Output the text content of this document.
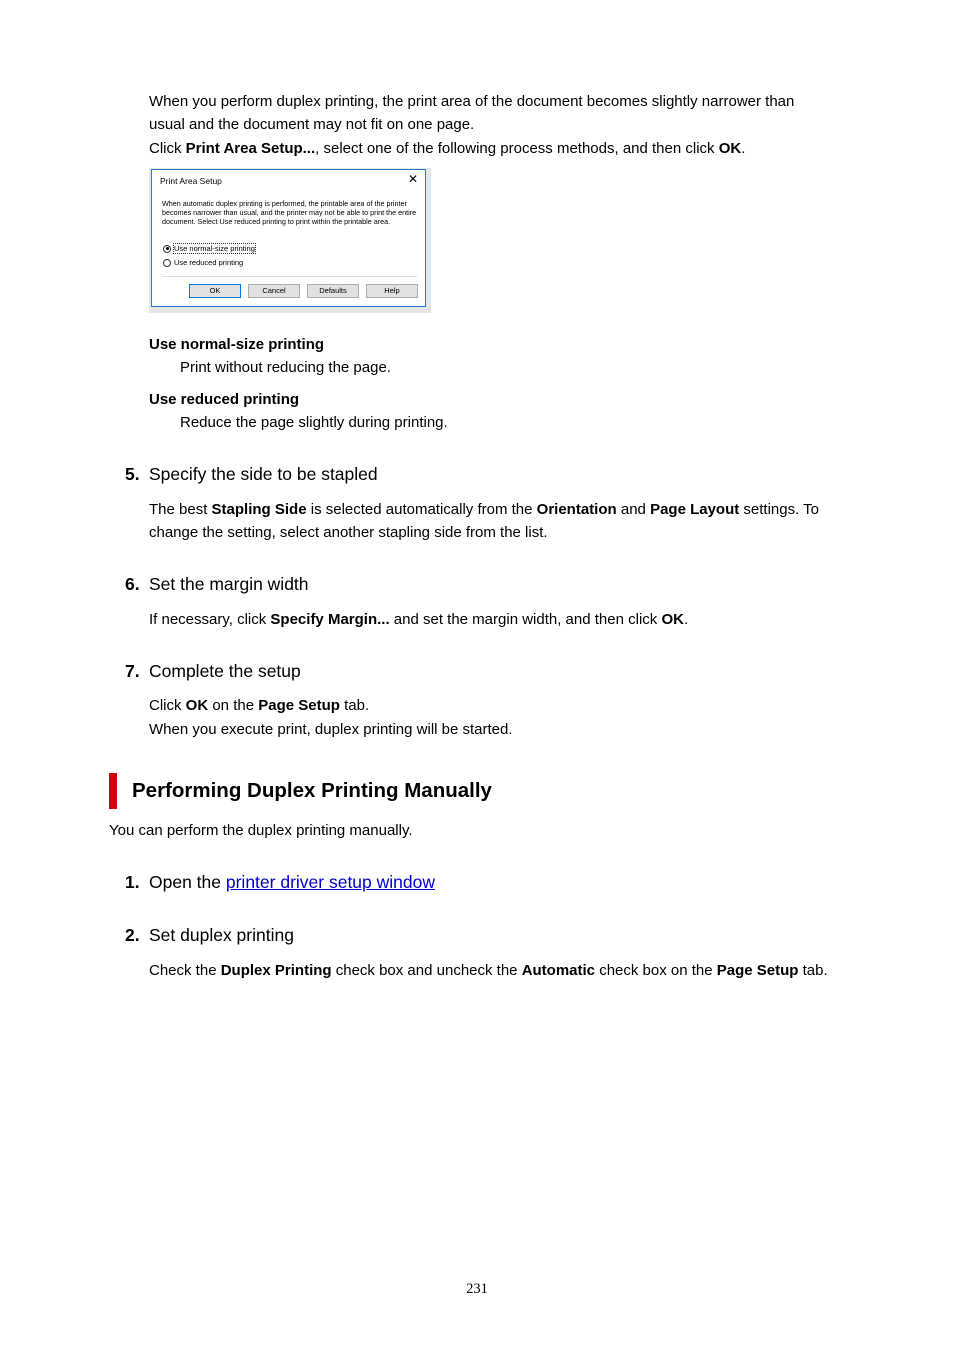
When you perform duplex printing, the print area of the document becomes slightly narrower than
usual and the document may not fit on one page.
Click Print Area Setup..., select one of the following process methods, and then click OK.
Print Area Setup	✕
When automatic duplex printing is performed, the printable area of the printer becomes narrower than usual, and the printer may not be able to print the entire document. Select Use reduced printing to print within the printable area.
Use normal-size printing
Use reduced printing
OK	Cancel	Defaults	Help
Use normal-size printing
Print without reducing the page.
Use reduced printing
Reduce the page slightly during printing.
5. Specify the side to be stapled
The best Stapling Side is selected automatically from the Orientation and Page Layout settings. To
change the setting, select another stapling side from the list.
6. Set the margin width
If necessary, click Specify Margin... and set the margin width, and then click OK.
7. Complete the setup
Click OK on the Page Setup tab.
When you execute print, duplex printing will be started.
Performing Duplex Printing Manually
You can perform the duplex printing manually.
1. Open the printer driver setup window
2. Set duplex printing
Check the Duplex Printing check box and uncheck the Automatic check box on the Page Setup tab.
231
